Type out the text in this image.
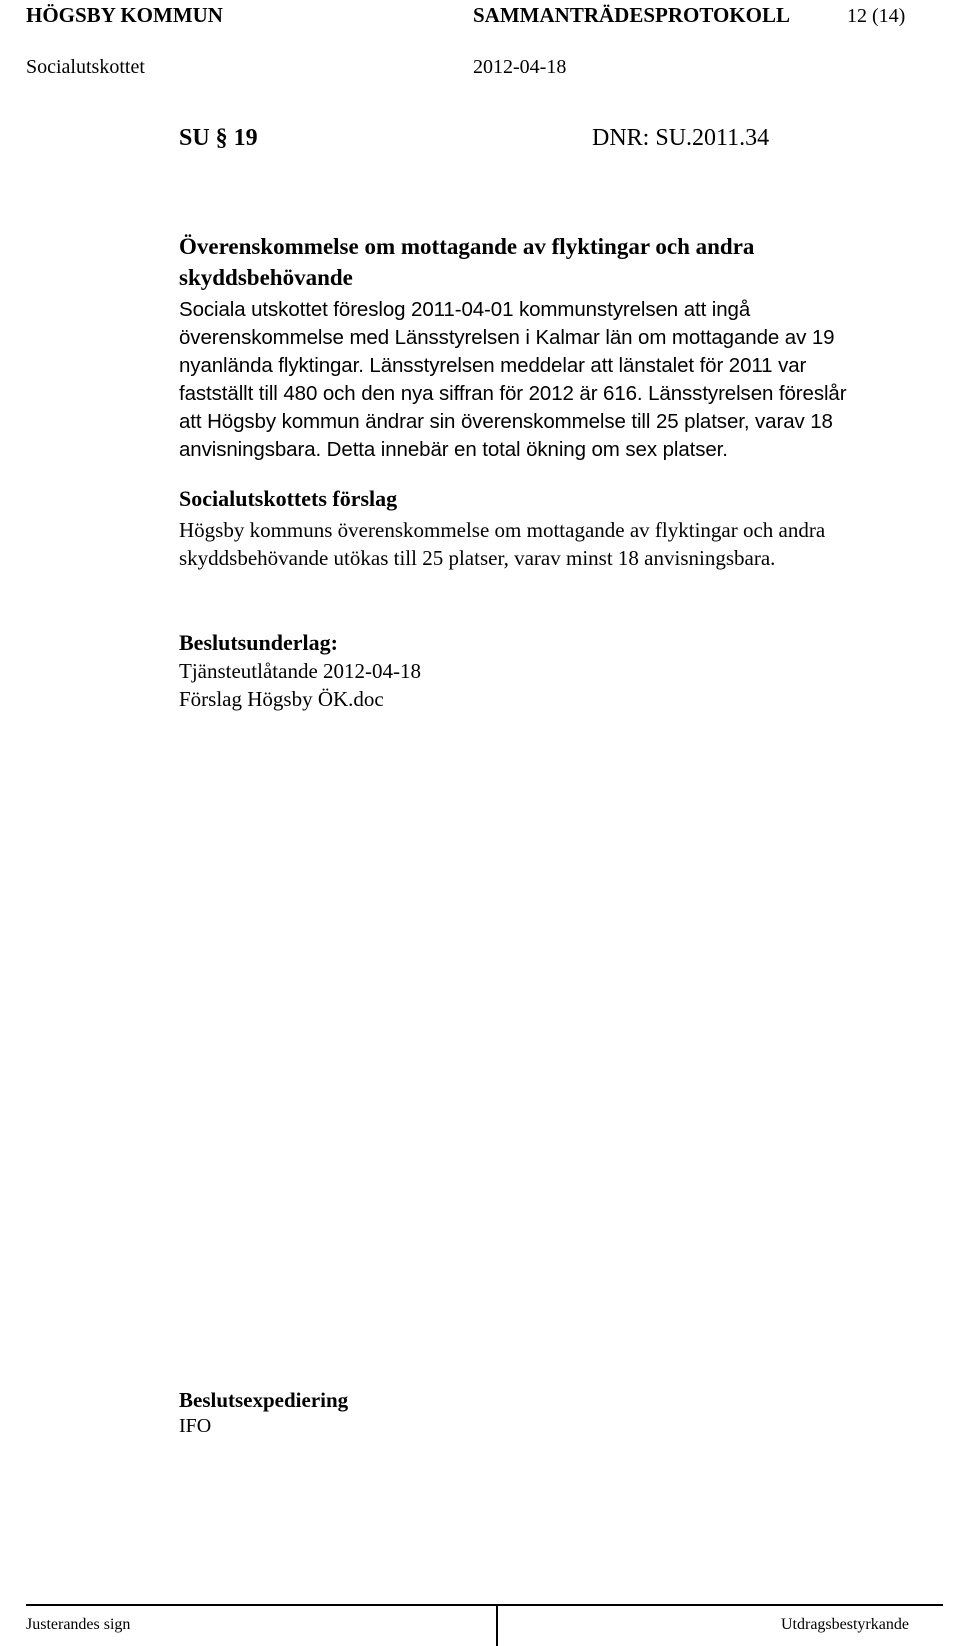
HÖGSBY KOMMUN	SAMMANTRÄDESPROTOKOLL	12 (14)
Socialutskottet	2012-04-18
SU § 19	DNR: SU.2011.34

Överenskommelse om mottagande av flyktingar och andra skyddsbehövande

Sociala utskottet föreslog 2011-04-01 kommunstyrelsen att ingå

överenskommelse med Länsstyrelsen i Kalmar län om mottagande av 19

nyanlända flyktingar. Länsstyrelsen meddelar att länstalet för 2011 var

fastställt till 480 och den nya siffran för 2012 är 616. Länsstyrelsen föreslår

att Högsby kommun ändrar sin överenskommelse till 25 platser, varav 18

anvisningsbara. Detta innebär en total ökning om sex platser.

Socialutskottets förslag

Högsby kommuns överenskommelse om mottagande av flyktingar och andra

skyddsbehövande utökas till 25 platser, varav minst 18 anvisningsbara.

Beslutsunderlag:

Tjänsteutlåtande 2012-04-18

Förslag Högsby ÖK.doc

Beslutsexpediering

IFO

Justerandes sign	Utdragsbestyrkande
